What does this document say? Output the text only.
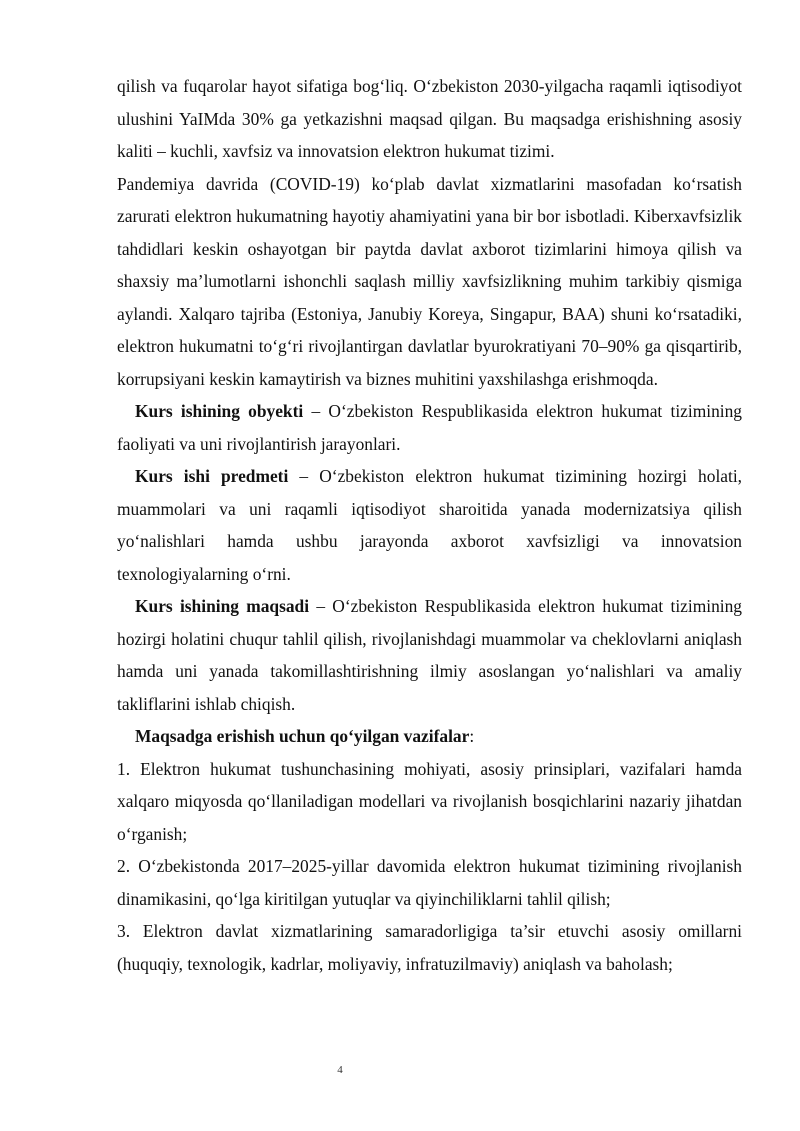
qilish va fuqarolar hayot sifatiga bog‘liq. O‘zbekiston 2030-yilgacha raqamli iqtisodiyot ulushini YaIMda 30% ga yetkazishni maqsad qilgan. Bu maqsadga erishishning asosiy kaliti – kuchli, xavfsiz va innovatsion elektron hukumat tizimi.

Pandemiya davrida (COVID-19) ko‘plab davlat xizmatlarini masofadan ko‘rsatish zarurati elektron hukumatning hayotiy ahamiyatini yana bir bor isbotladi. Kiberxavfsizlik tahdidlari keskin oshayotgan bir paytda davlat axborot tizimlarini himoya qilish va shaxsiy ma’lumotlarni ishonchli saqlash milliy xavfsizlikning muhim tarkibiy qismiga aylandi. Xalqaro tajriba (Estoniya, Janubiy Koreya, Singapur, BAA) shuni ko‘rsatadiki, elektron hukumatni to‘g‘ri rivojlantirgan davlatlar byurokratiyani 70–90% ga qisqartirib, korrupsiyani keskin kamaytirish va biznes muhitini yaxshilashga erishmoqda.

Kurs ishining obyekti – O‘zbekiston Respublikasida elektron hukumat tizimining faoliyati va uni rivojlantirish jarayonlari.

Kurs ishi predmeti – O‘zbekiston elektron hukumat tizimining hozirgi holati, muammolari va uni raqamli iqtisodiyot sharoitida yanada modernizatsiya qilish yo‘nalishlari hamda ushbu jarayonda axborot xavfsizligi va innovatsion texnologiyalarning o‘rni.

Kurs ishining maqsadi – O‘zbekiston Respublikasida elektron hukumat tizimining hozirgi holatini chuqur tahlil qilish, rivojlanishdagi muammolar va cheklovlarni aniqlash hamda uni yanada takomillashtirishning ilmiy asoslangan yo‘nalishlari va amaliy takliflarini ishlab chiqish.

Maqsadga erishish uchun qo‘yilgan vazifalar:

1. Elektron hukumat tushunchasining mohiyati, asosiy prinsiplari, vazifalari hamda xalqaro miqyosda qo‘llaniladigan modellari va rivojlanish bosqichlarini nazariy jihatdan o‘rganish;

2. O‘zbekistonda 2017–2025-yillar davomida elektron hukumat tizimining rivojlanish dinamikasini, qo‘lga kiritilgan yutuqlar va qiyinchiliklarni tahlil qilish;

3. Elektron davlat xizmatlarining samaradorligiga ta’sir etuvchi asosiy omillarni (huquqiy, texnologik, kadrlar, moliyaviy, infratuzilmaviy) aniqlash va baholash;

4
